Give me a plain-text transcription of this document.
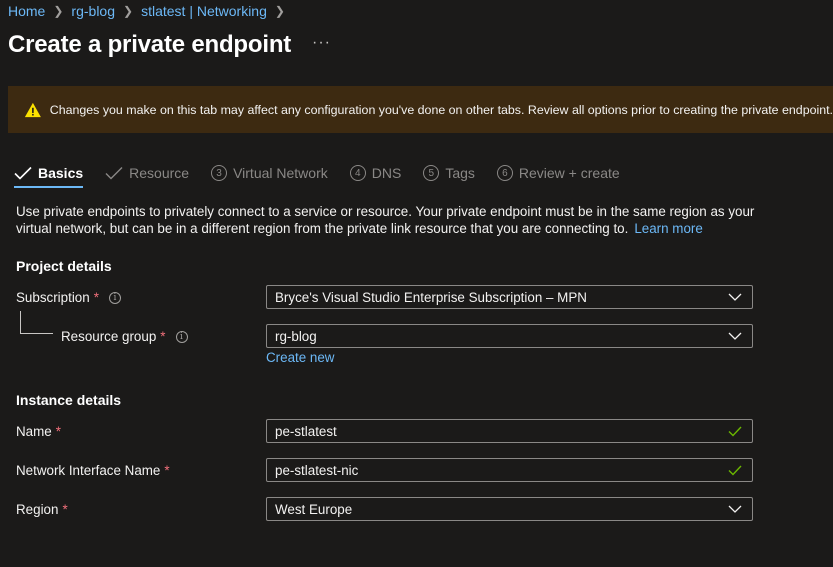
Home ❯ rg-blog ❯ stlatest | Networking ❯
Create a private endpoint ···
Changes you make on this tab may affect any configuration you've done on other tabs. Review all options prior to creating the private endpoint.
Basics	Resource	3 Virtual Network	4 DNS	5 Tags	6 Review + create
Use private endpoints to privately connect to a service or resource. Your private endpoint must be in the same region as your virtual network, but can be in a different region from the private link resource that you are connecting to. Learn more
Project details
Subscription *	i	Bryce's Visual Studio Enterprise Subscription – MPN
Resource group *	i	rg-blog
Create new
Instance details
Name *	pe-stlatest
Network Interface Name *	pe-stlatest-nic
Region *	West Europe
